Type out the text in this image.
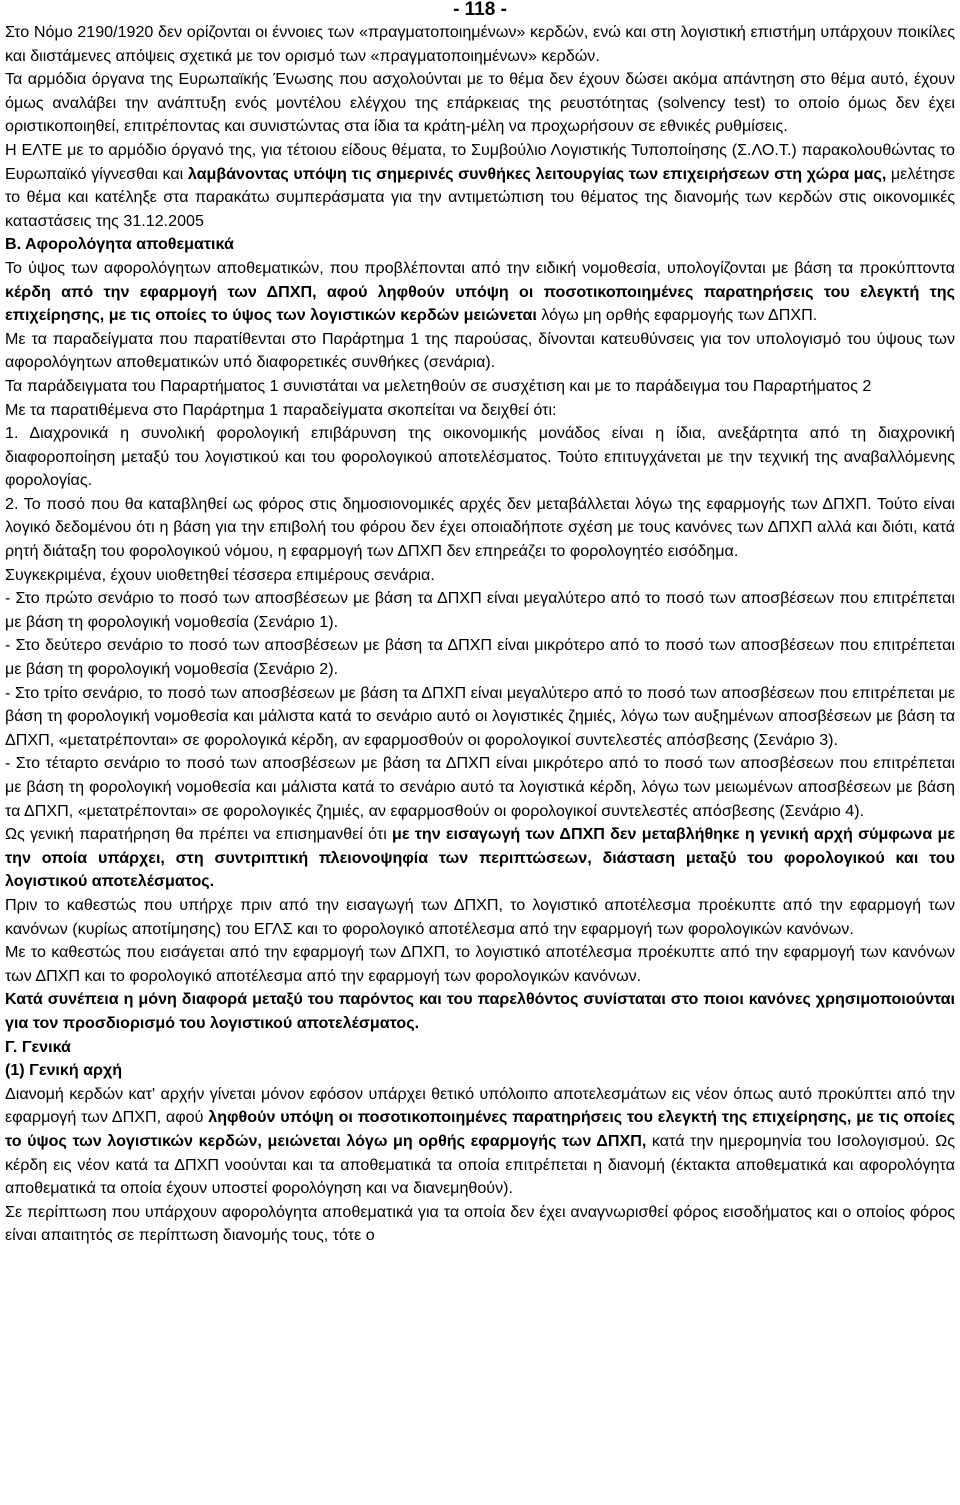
- 118 -

Στο Νόμο 2190/1920 δεν ορίζονται οι έννοιες των «πραγματοποιημένων» κερδών, ενώ και στη λογιστική επιστήμη υπάρχουν ποικίλες και διιστάμενες απόψεις σχετικά με τον ορισμό των «πραγματοποιημένων» κερδών.

Τα αρμόδια όργανα της Ευρωπαϊκής Ένωσης που ασχολούνται με το θέμα δεν έχουν δώσει ακόμα απάντηση στο θέμα αυτό, έχουν όμως αναλάβει την ανάπτυξη ενός μοντέλου ελέγχου της επάρκειας της ρευστότητας (solvency test) το οποίο όμως δεν έχει οριστικοποιηθεί, επιτρέποντας και συνιστώντας στα ίδια τα κράτη-μέλη να προχωρήσουν σε εθνικές ρυθμίσεις.

Η ΕΛΤΕ με το αρμόδιο όργανό της, για τέτοιου είδους θέματα, το Συμβούλιο Λογιστικής Τυποποίησης (Σ.ΛΟ.Τ.) παρακολουθώντας το Ευρωπαϊκό γίγνεσθαι και λαμβάνοντας υπόψη τις σημερινές συνθήκες λειτουργίας των επιχειρήσεων στη χώρα μας, μελέτησε το θέμα και κατέληξε στα παρακάτω συμπεράσματα για την αντιμετώπιση του θέματος της διανομής των κερδών στις οικονομικές καταστάσεις της 31.12.2005

Β. Αφορολόγητα αποθεματικά

Το ύψος των αφορολόγητων αποθεματικών, που προβλέπονται από την ειδική νομοθεσία, υπολογίζονται με βάση τα προκύπτοντα κέρδη από την εφαρμογή των ΔΠΧΠ, αφού ληφθούν υπόψη οι ποσοτικοποιημένες παρατηρήσεις του ελεγκτή της επιχείρησης, με τις οποίες το ύψος των λογιστικών κερδών μειώνεται λόγω μη ορθής εφαρμογής των ΔΠΧΠ.

Με τα παραδείγματα που παρατίθενται στο Παράρτημα 1 της παρούσας, δίνονται κατευθύνσεις για τον υπολογισμό του ύψους των αφορολόγητων αποθεματικών υπό διαφορετικές συνθήκες (σενάρια).

Τα παράδειγματα του Παραρτήματος 1 συνιστάται να μελετηθούν σε συσχέτιση και με το παράδειγμα του Παραρτήματος 2

Με τα παρατιθέμενα στο Παράρτημα 1 παραδείγματα σκοπείται να δειχθεί ότι:

1. Διαχρονικά η συνολική φορολογική επιβάρυνση της οικονομικής μονάδος είναι η ίδια, ανεξάρτητα από τη διαχρονική διαφοροποίηση μεταξύ του λογιστικού και του φορολογικού αποτελέσματος. Τούτο επιτυγχάνεται με την τεχνική της αναβαλλόμενης φορολογίας.

2. Το ποσό που θα καταβληθεί ως φόρος στις δημοσιονομικές αρχές δεν μεταβάλλεται λόγω της εφαρμογής των ΔΠΧΠ. Τούτο είναι λογικό δεδομένου ότι η βάση για την επιβολή του φόρου δεν έχει οποιαδήποτε σχέση με τους κανόνες των ΔΠΧΠ αλλά και διότι, κατά ρητή διάταξη του φορολογικού νόμου, η εφαρμογή των ΔΠΧΠ δεν επηρεάζει το φορολογητέο εισόδημα.

Συγκεκριμένα, έχουν υιοθετηθεί τέσσερα επιμέρους σενάρια.

- Στο πρώτο σενάριο το ποσό των αποσβέσεων με βάση τα ΔΠΧΠ είναι μεγαλύτερο από το ποσό των αποσβέσεων που επιτρέπεται με βάση τη φορολογική νομοθεσία (Σενάριο 1).

- Στο δεύτερο σενάριο το ποσό των αποσβέσεων με βάση τα ΔΠΧΠ είναι μικρότερο από το ποσό των αποσβέσεων που επιτρέπεται με βάση τη φορολογική νομοθεσία (Σενάριο 2).

- Στο τρίτο σενάριο, το ποσό των αποσβέσεων με βάση τα ΔΠΧΠ είναι μεγαλύτερο από το ποσό των αποσβέσεων που επιτρέπεται με βάση τη φορολογική νομοθεσία και μάλιστα κατά το σενάριο αυτό οι λογιστικές ζημιές, λόγω των αυξημένων αποσβέσεων με βάση τα ΔΠΧΠ, «μετατρέπονται» σε φορολογικά κέρδη, αν εφαρμοσθούν οι φορολογικοί συντελεστές απόσβεσης (Σενάριο 3).

- Στο τέταρτο σενάριο το ποσό των αποσβέσεων με βάση τα ΔΠΧΠ είναι μικρότερο από το ποσό των αποσβέσεων που επιτρέπεται με βάση τη φορολογική νομοθεσία και μάλιστα κατά το σενάριο αυτό τα λογιστικά κέρδη, λόγω των μειωμένων αποσβέσεων με βάση τα ΔΠΧΠ, «μετατρέπονται» σε φορολογικές ζημιές, αν εφαρμοσθούν οι φορολογικοί συντελεστές απόσβεσης (Σενάριο 4).

Ως γενική παρατήρηση θα πρέπει να επισημανθεί ότι με την εισαγωγή των ΔΠΧΠ δεν μεταβλήθηκε η γενική αρχή σύμφωνα με την οποία υπάρχει, στη συντριπτική πλειονοψηφία των περιπτώσεων, διάσταση μεταξύ του φορολογικού και του λογιστικού αποτελέσματος.

Πριν το καθεστώς που υπήρχε πριν από την εισαγωγή των ΔΠΧΠ, το λογιστικό αποτέλεσμα προέκυπτε από την εφαρμογή των κανόνων (κυρίως αποτίμησης) του ΕΓΛΣ και το φορολογικό αποτέλεσμα από την εφαρμογή των φορολογικών κανόνων.

Με το καθεστώς που εισάγεται από την εφαρμογή των ΔΠΧΠ, το λογιστικό αποτέλεσμα προέκυπτε από την εφαρμογή των κανόνων των ΔΠΧΠ και το φορολογικό αποτέλεσμα από την εφαρμογή των φορολογικών κανόνων.

Κατά συνέπεια η μόνη διαφορά μεταξύ του παρόντος και του παρελθόντος συνίσταται στο ποιοι κανόνες χρησιμοποιούνται για τον προσδιορισμό του λογιστικού αποτελέσματος.

Γ. Γενικά

(1) Γενική αρχή

Διανομή κερδών κατ' αρχήν γίνεται μόνον εφόσον υπάρχει θετικό υπόλοιπο αποτελεσμάτων εις νέον όπως αυτό προκύπτει από την εφαρμογή των ΔΠΧΠ, αφού ληφθούν υπόψη οι ποσοτικοποιημένες παρατηρήσεις του ελεγκτή της επιχείρησης, με τις οποίες το ύψος των λογιστικών κερδών, μειώνεται λόγω μη ορθής εφαρμογής των ΔΠΧΠ, κατά την ημερομηνία του Ισολογισμού. Ως κέρδη εις νέον κατά τα ΔΠΧΠ νοούνται και τα αποθεματικά τα οποία επιτρέπεται η διανομή (έκτακτα αποθεματικά και αφορολόγητα αποθεματικά τα οποία έχουν υποστεί φορολόγηση και να διανεμηθούν).

Σε περίπτωση που υπάρχουν αφορολόγητα αποθεματικά για τα οποία δεν έχει αναγνωρισθεί φόρος εισοδήματος και ο οποίος φόρος είναι απαιτητός σε περίπτωση διανομής τους, τότε ο
